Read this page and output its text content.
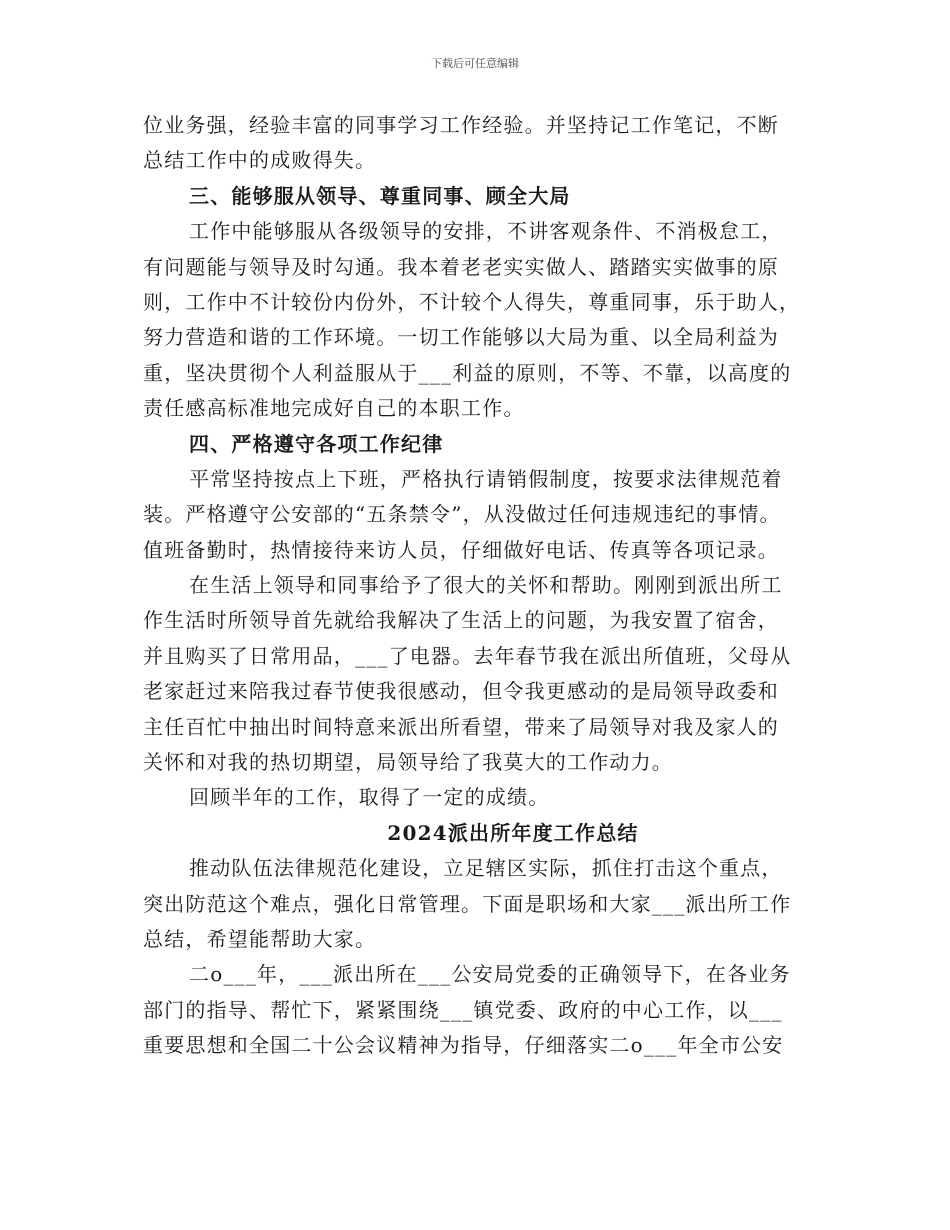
下载后可任意编辑
位业务强，经验丰富的同事学习工作经验。并坚持记工作笔记，不断
总结工作中的成败得失。
三、能够服从领导、尊重同事、顾全大局
工作中能够服从各级领导的安排，不讲客观条件、不消极怠工，
有问题能与领导及时勾通。我本着老老实实做人、踏踏实实做事的原
则，工作中不计较份内份外，不计较个人得失，尊重同事，乐于助人，
努力营造和谐的工作环境。一切工作能够以大局为重、以全局利益为
重，坚决贯彻个人利益服从于___利益的原则，不等、不靠，以高度的
责任感高标准地完成好自己的本职工作。
四、严格遵守各项工作纪律
平常坚持按点上下班，严格执行请销假制度，按要求法律规范着
装。严格遵守公安部的“五条禁令”，从没做过任何违规违纪的事情。
值班备勤时，热情接待来访人员，仔细做好电话、传真等各项记录。
在生活上领导和同事给予了很大的关怀和帮助。刚刚到派出所工
作生活时所领导首先就给我解决了生活上的问题，为我安置了宿舍，
并且购买了日常用品，___了电器。去年春节我在派出所值班，父母从
老家赶过来陪我过春节使我很感动，但令我更感动的是局领导政委和
主任百忙中抽出时间特意来派出所看望，带来了局领导对我及家人的
关怀和对我的热切期望，局领导给了我莫大的工作动力。
回顾半年的工作，取得了一定的成绩。
2024派出所年度工作总结
推动队伍法律规范化建设，立足辖区实际，抓住打击这个重点，
突出防范这个难点，强化日常管理。下面是职场和大家___派出所工作
总结，希望能帮助大家。
二o___年，___派出所在___公安局党委的正确领导下，在各业务
部门的指导、帮忙下，紧紧围绕___镇党委、政府的中心工作，以___
重要思想和全国二十公会议精神为指导，仔细落实二o___年全市公安
